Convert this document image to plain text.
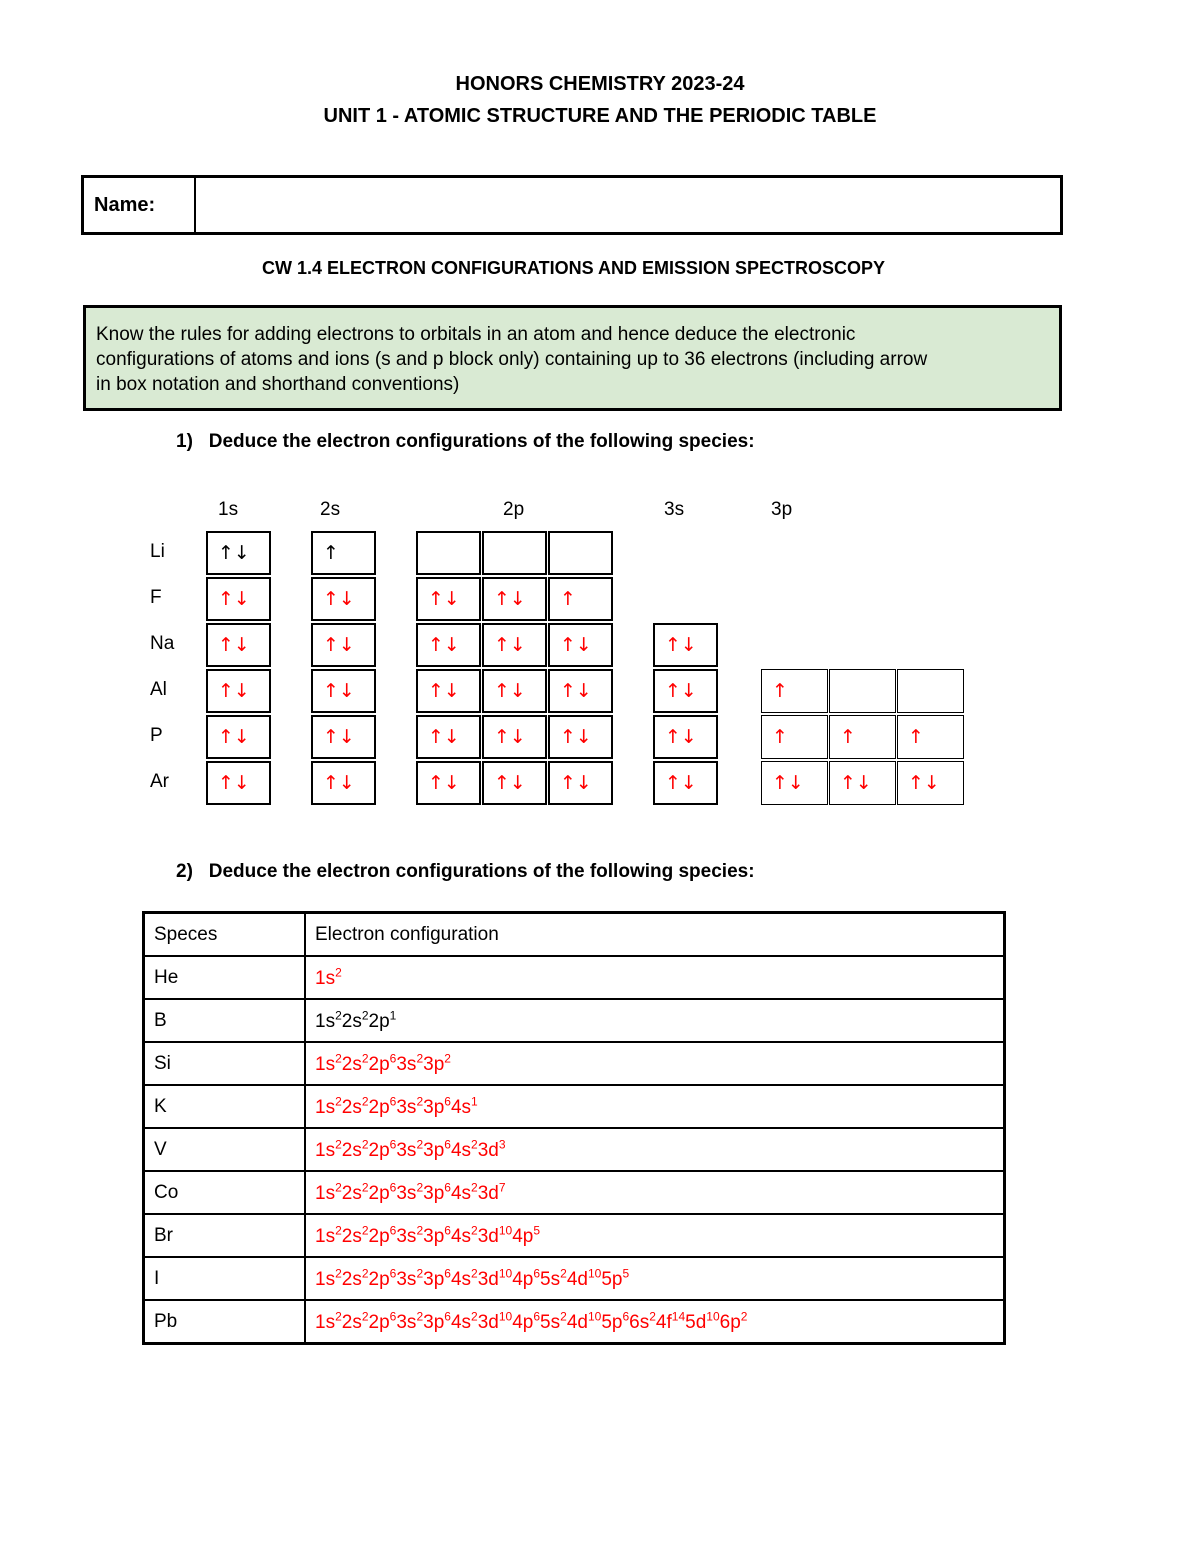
HONORS CHEMISTRY 2023-24
UNIT 1 - ATOMIC STRUCTURE AND THE PERIODIC TABLE
Name:
CW 1.4 ELECTRON CONFIGURATIONS AND EMISSION SPECTROSCOPY
Know the rules for adding electrons to orbitals in an atom and hence deduce the electronic
configurations of atoms and ions (s and p block only) containing up to 36 electrons (including arrow
in box notation and shorthand conventions)
1) Deduce the electron configurations of the following species:
1s	2s	2p	3s	3p
Li	↑↓	↑
F	↑↓	↑↓	↑↓	↑↓	↑
Na	↑↓	↑↓	↑↓	↑↓	↑↓	↑↓
Al	↑↓	↑↓	↑↓	↑↓	↑↓	↑↓	↑
P	↑↓	↑↓	↑↓	↑↓	↑↓	↑↓	↑	↑	↑
Ar	↑↓	↑↓	↑↓	↑↓	↑↓	↑↓	↑↓	↑↓	↑↓
2) Deduce the electron configurations of the following species:
Speces	Electron configuration
He	$1s^2$
B	$1s^22s^22p^1$
Si	$1s^22s^22p^63s^23p^2$
K	$1s^22s^22p^63s^23p^64s^1$
V	$1s^22s^22p^63s^23p^64s^23d^3$
Co	$1s^22s^22p^63s^23p^64s^23d^7$
Br	$1s^22s^22p^63s^23p^64s^23d^{10}4p^5$
I	$1s^22s^22p^63s^23p^64s^23d^{10}4p^65s^24d^{10}5p^5$
Pb	$1s^22s^22p^63s^23p^64s^23d^{10}4p^65s^24d^{10}5p^66s^24f^{14}5d^{10}6p^2$
